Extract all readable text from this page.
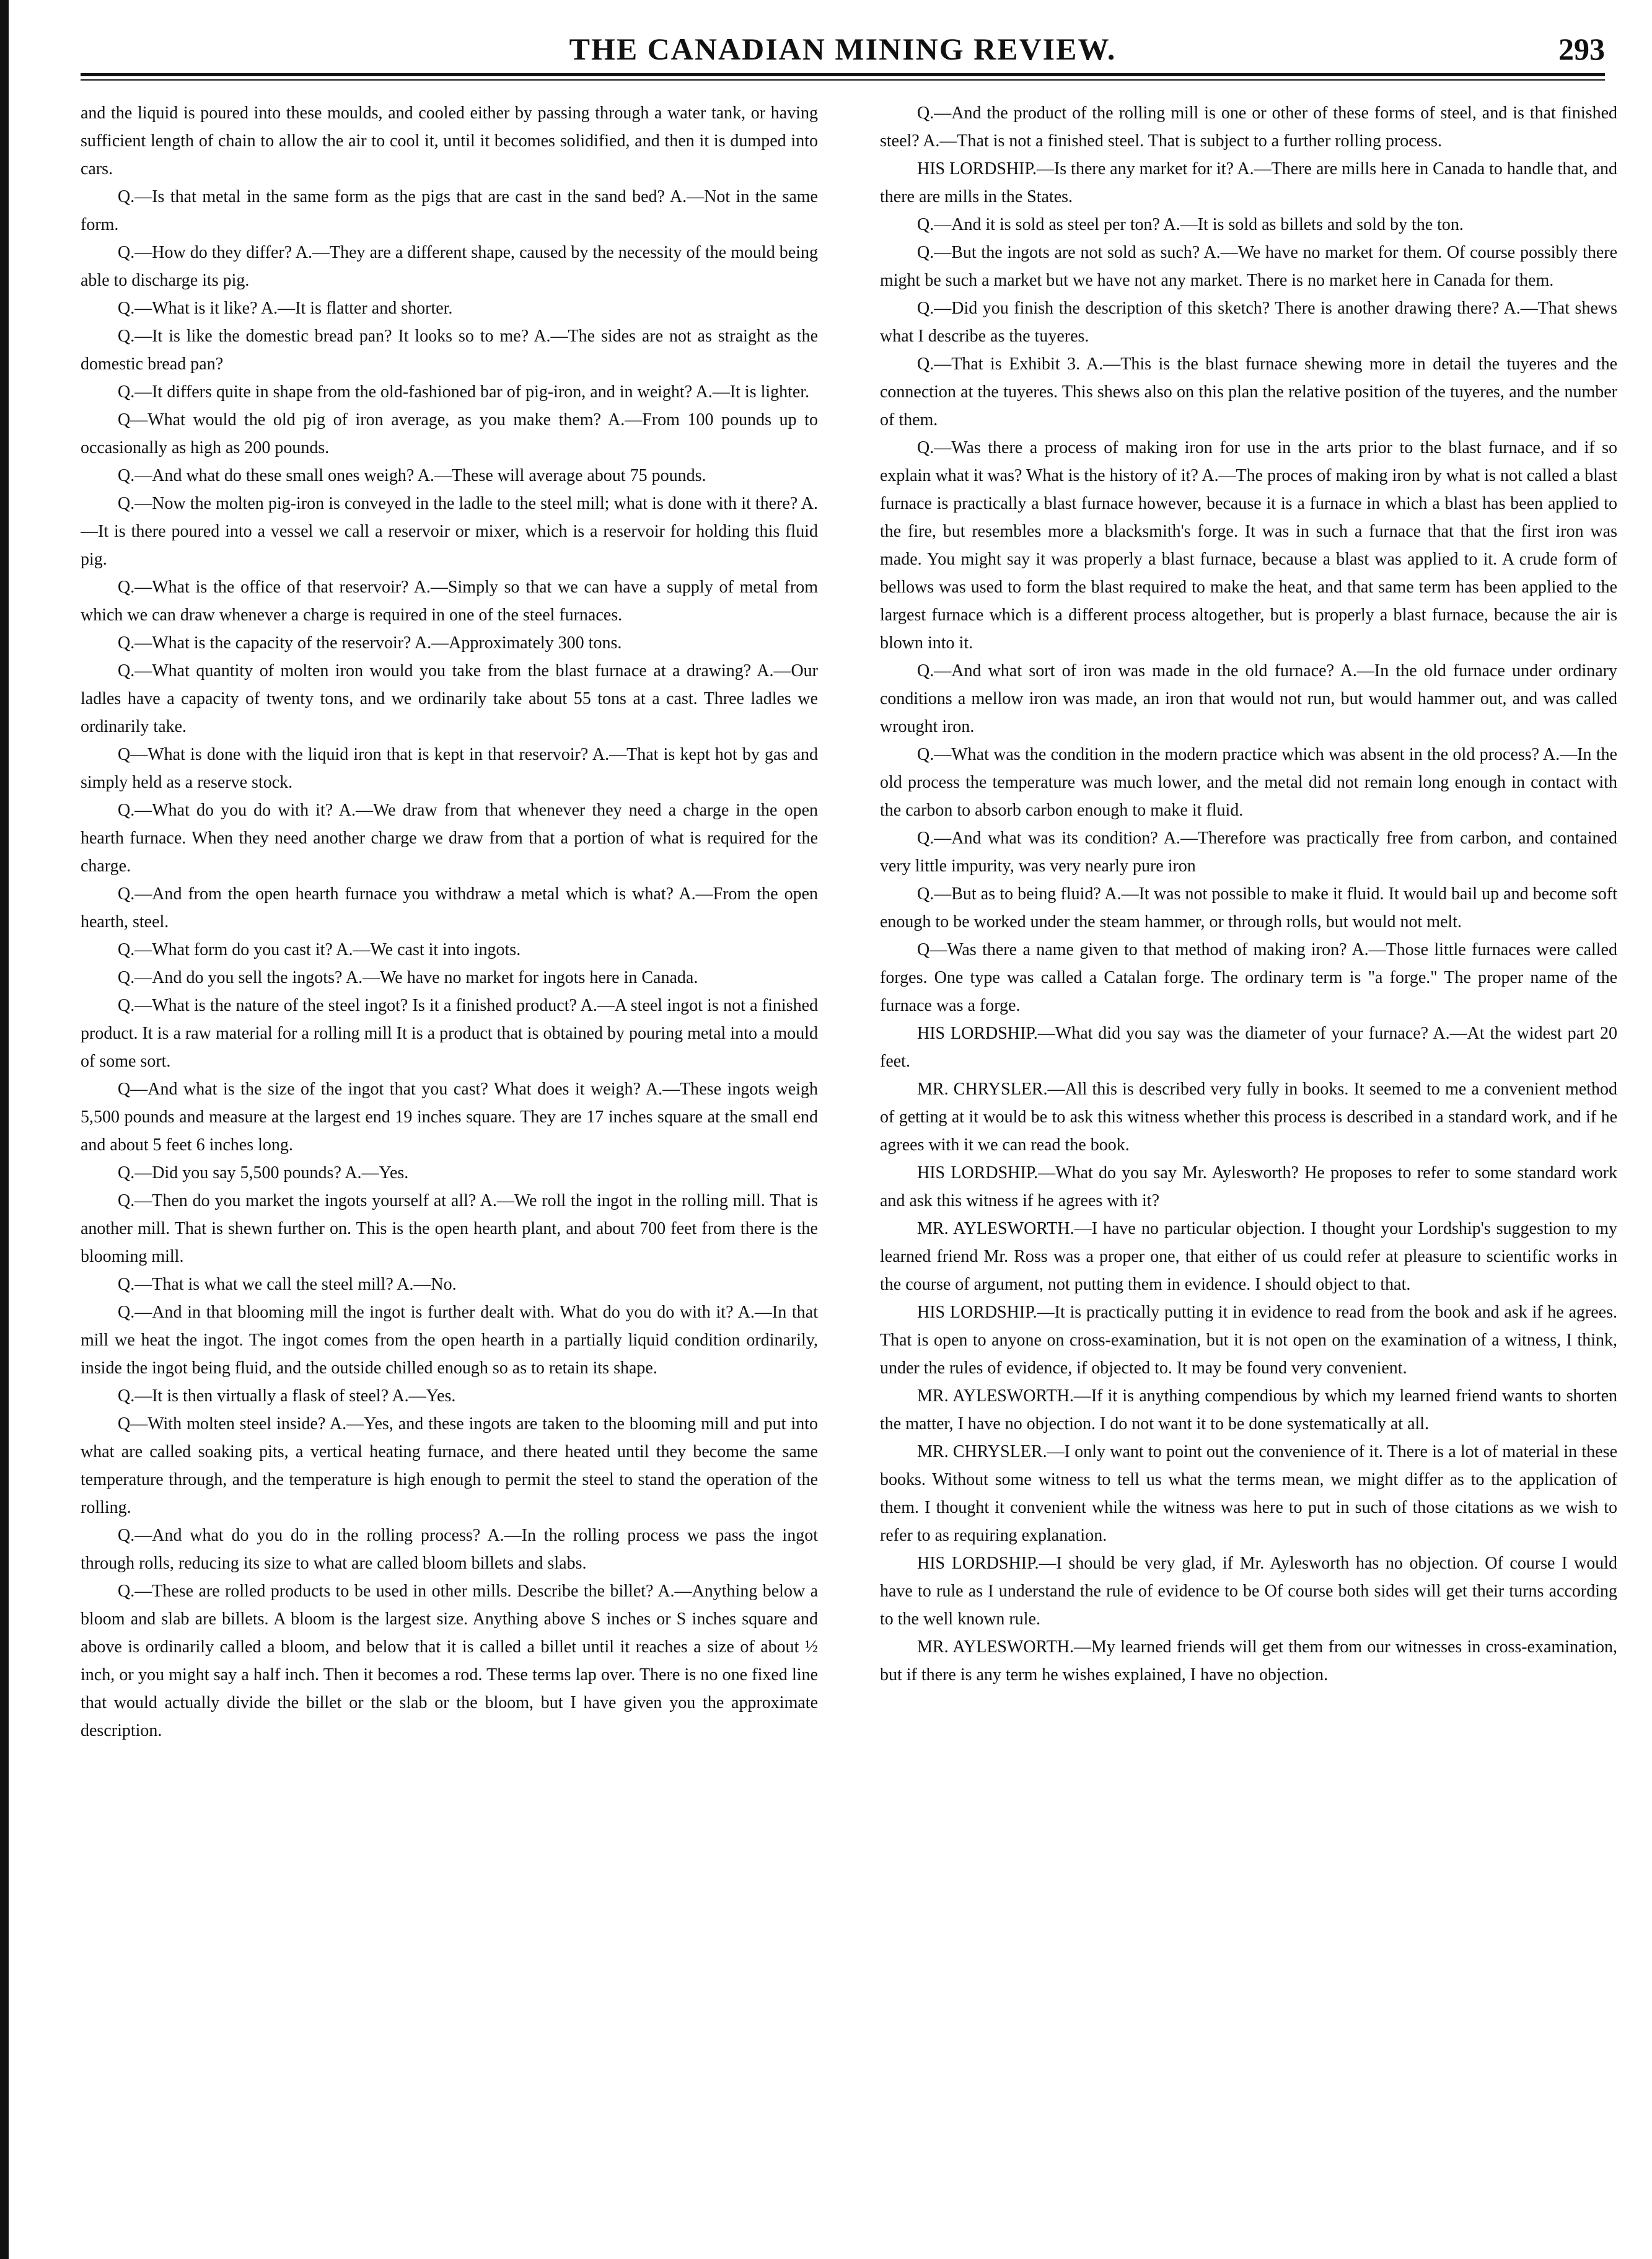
THE CANADIAN MINING REVIEW.	293

and the liquid is poured into these moulds, and cooled either by passing through a water tank, or having sufficient length of chain to allow the air to cool it, until it becomes solidified, and then it is dumped into cars.

Q.—Is that metal in the same form as the pigs that are cast in the sand bed? A.—Not in the same form.

Q.—How do they differ? A.—They are a different shape, caused by the necessity of the mould being able to discharge its pig.

Q.—What is it like? A.—It is flatter and shorter.

Q.—It is like the domestic bread pan? It looks so to me? A.—The sides are not as straight as the domestic bread pan?

Q.—It differs quite in shape from the old-fashioned bar of pig-iron, and in weight? A.—It is lighter.

Q—What would the old pig of iron average, as you make them? A.—From 100 pounds up to occasionally as high as 200 pounds.

Q.—And what do these small ones weigh? A.—These will average about 75 pounds.

Q.—Now the molten pig-iron is conveyed in the ladle to the steel mill; what is done with it there? A.—It is there poured into a vessel we call a reservoir or mixer, which is a reservoir for holding this fluid pig.

Q.—What is the office of that reservoir? A.—Simply so that we can have a supply of metal from which we can draw whenever a charge is required in one of the steel furnaces.

Q.—What is the capacity of the reservoir? A.—Approximately 300 tons.

Q.—What quantity of molten iron would you take from the blast furnace at a drawing? A.—Our ladles have a capacity of twenty tons, and we ordinarily take about 55 tons at a cast. Three ladles we ordinarily take.

Q—What is done with the liquid iron that is kept in that reservoir? A.—That is kept hot by gas and simply held as a reserve stock.

Q.—What do you do with it? A.—We draw from that whenever they need a charge in the open hearth furnace. When they need another charge we draw from that a portion of what is required for the charge.

Q.—And from the open hearth furnace you withdraw a metal which is what? A.—From the open hearth, steel.

Q.—What form do you cast it? A.—We cast it into ingots.

Q.—And do you sell the ingots? A.—We have no market for ingots here in Canada.

Q.—What is the nature of the steel ingot? Is it a finished product? A.—A steel ingot is not a finished product. It is a raw material for a rolling mill It is a product that is obtained by pouring metal into a mould of some sort.

Q—And what is the size of the ingot that you cast? What does it weigh? A.—These ingots weigh 5,500 pounds and measure at the largest end 19 inches square. They are 17 inches square at the small end and about 5 feet 6 inches long.

Q.—Did you say 5,500 pounds? A.—Yes.

Q.—Then do you market the ingots yourself at all? A.—We roll the ingot in the rolling mill. That is another mill. That is shewn further on. This is the open hearth plant, and about 700 feet from there is the blooming mill.

Q.—That is what we call the steel mill? A.—No.

Q.—And in that blooming mill the ingot is further dealt with. What do you do with it? A.—In that mill we heat the ingot. The ingot comes from the open hearth in a partially liquid condition ordinarily, inside the ingot being fluid, and the outside chilled enough so as to retain its shape.

Q.—It is then virtually a flask of steel? A.—Yes.

Q—With molten steel inside? A.—Yes, and these ingots are taken to the blooming mill and put into what are called soaking pits, a vertical heating furnace, and there heated until they become the same temperature through, and the temperature is high enough to permit the steel to stand the operation of the rolling.

Q.—And what do you do in the rolling process? A.—In the rolling process we pass the ingot through rolls, reducing its size to what are called bloom billets and slabs.

Q.—These are rolled products to be used in other mills. Describe the billet? A.—Anything below a bloom and slab are billets. A bloom is the largest size. Anything above S inches or S inches square and above is ordinarily called a bloom, and below that it is called a billet until it reaches a size of about ½ inch, or you might say a half inch. Then it becomes a rod. These terms lap over. There is no one fixed line that would actually divide the billet or the slab or the bloom, but I have given you the approximate description.

Q.—And the product of the rolling mill is one or other of these forms of steel, and is that finished steel? A.—That is not a finished steel. That is subject to a further rolling process.

HIS LORDSHIP.—Is there any market for it? A.—There are mills here in Canada to handle that, and there are mills in the States.

Q.—And it is sold as steel per ton? A.—It is sold as billets and sold by the ton.

Q.—But the ingots are not sold as such? A.—We have no market for them. Of course possibly there might be such a market but we have not any market. There is no market here in Canada for them.

Q.—Did you finish the description of this sketch? There is another drawing there? A.—That shews what I describe as the tuyeres.

Q.—That is Exhibit 3. A.—This is the blast furnace shewing more in detail the tuyeres and the connection at the tuyeres. This shews also on this plan the relative position of the tuyeres, and the number of them.

Q.—Was there a process of making iron for use in the arts prior to the blast furnace, and if so explain what it was? What is the history of it? A.—The proces of making iron by what is not called a blast furnace is practically a blast furnace however, because it is a furnace in which a blast has been applied to the fire, but resembles more a blacksmith's forge. It was in such a furnace that that the first iron was made. You might say it was properly a blast furnace, because a blast was applied to it. A crude form of bellows was used to form the blast required to make the heat, and that same term has been applied to the largest furnace which is a different process altogether, but is properly a blast furnace, because the air is blown into it.

Q.—And what sort of iron was made in the old furnace? A.—In the old furnace under ordinary conditions a mellow iron was made, an iron that would not run, but would hammer out, and was called wrought iron.

Q.—What was the condition in the modern practice which was absent in the old process? A.—In the old process the temperature was much lower, and the metal did not remain long enough in contact with the carbon to absorb carbon enough to make it fluid.

Q.—And what was its condition? A.—Therefore was practically free from carbon, and contained very little impurity, was very nearly pure iron

Q.—But as to being fluid? A.—It was not possible to make it fluid. It would bail up and become soft enough to be worked under the steam hammer, or through rolls, but would not melt.

Q—Was there a name given to that method of making iron? A.—Those little furnaces were called forges. One type was called a Catalan forge. The ordinary term is "a forge." The proper name of the furnace was a forge.

HIS LORDSHIP.—What did you say was the diameter of your furnace? A.—At the widest part 20 feet.

MR. CHRYSLER.—All this is described very fully in books. It seemed to me a convenient method of getting at it would be to ask this witness whether this process is described in a standard work, and if he agrees with it we can read the book.

HIS LORDSHIP.—What do you say Mr. Aylesworth? He proposes to refer to some standard work and ask this witness if he agrees with it?

MR. AYLESWORTH.—I have no particular objection. I thought your Lordship's suggestion to my learned friend Mr. Ross was a proper one, that either of us could refer at pleasure to scientific works in the course of argument, not putting them in evidence. I should object to that.

HIS LORDSHIP.—It is practically putting it in evidence to read from the book and ask if he agrees. That is open to anyone on cross-examination, but it is not open on the examination of a witness, I think, under the rules of evidence, if objected to. It may be found very convenient.

MR. AYLESWORTH.—If it is anything compendious by which my learned friend wants to shorten the matter, I have no objection. I do not want it to be done systematically at all.

MR. CHRYSLER.—I only want to point out the convenience of it. There is a lot of material in these books. Without some witness to tell us what the terms mean, we might differ as to the application of them. I thought it convenient while the witness was here to put in such of those citations as we wish to refer to as requiring explanation.

HIS LORDSHIP.—I should be very glad, if Mr. Aylesworth has no objection. Of course I would have to rule as I understand the rule of evidence to be Of course both sides will get their turns according to the well known rule.

MR. AYLESWORTH.—My learned friends will get them from our witnesses in cross-examination, but if there is any term he wishes explained, I have no objection.
